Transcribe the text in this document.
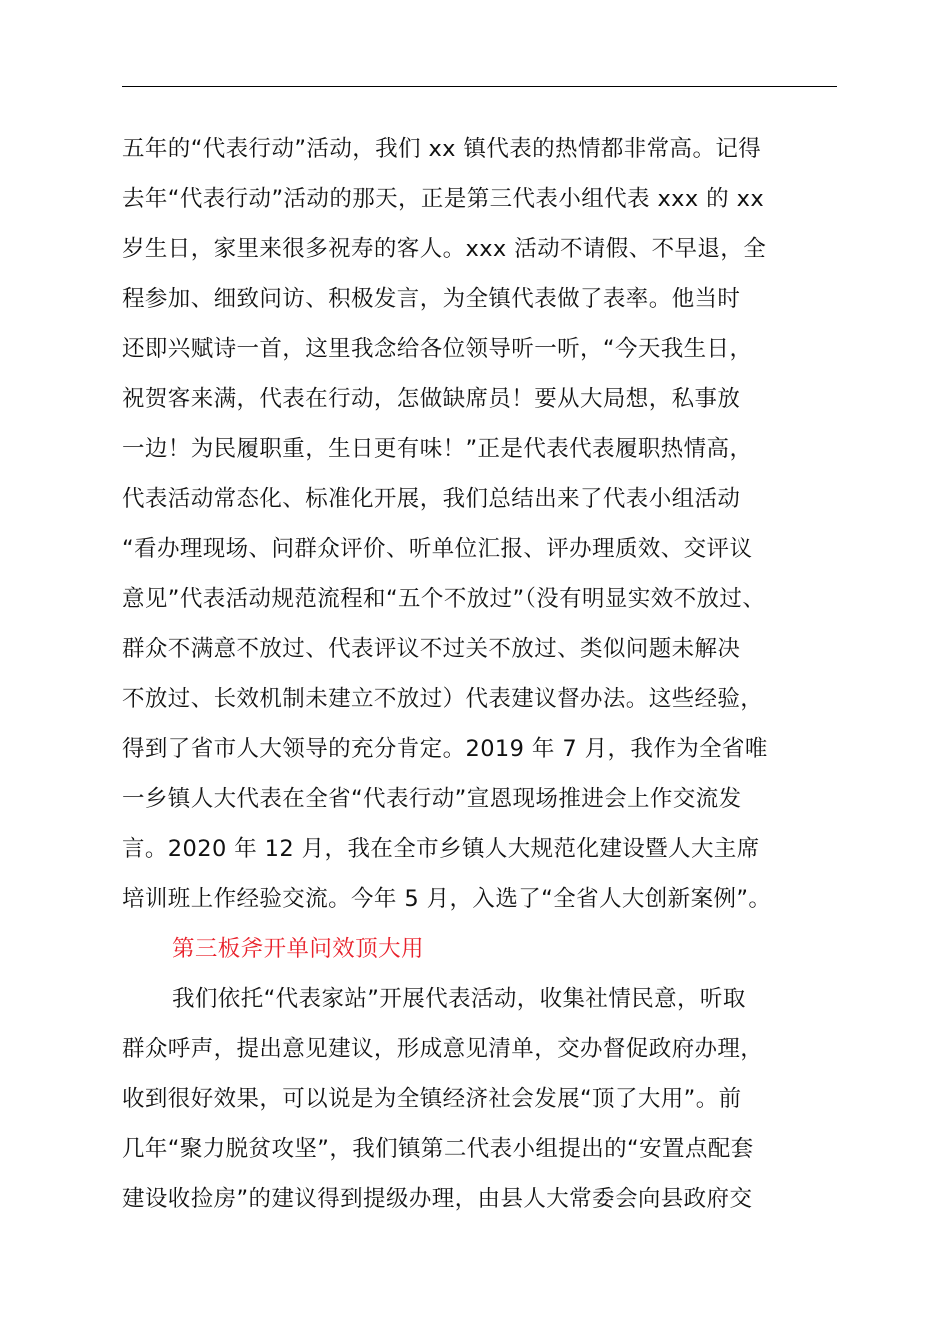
五年的“代表行动”活动，我们 xx 镇代表的热情都非常高。记得
去年“代表行动”活动的那天，正是第三代表小组代表 xxx 的 xx
岁生日，家里来很多祝寿的客人。xxx 活动不请假、不早退，全
程参加、细致问访、积极发言，为全镇代表做了表率。他当时
还即兴赋诗一首，这里我念给各位领导听一听，“今天我生日，
祝贺客来满，代表在行动，怎做缺席员！要从大局想，私事放
一边！为民履职重，生日更有味！”正是代表代表履职热情高，
代表活动常态化、标准化开展，我们总结出来了代表小组活动
“看办理现场、问群众评价、听单位汇报、评办理质效、交评议
意见”代表活动规范流程和“五个不放过”（没有明显实效不放过、
群众不满意不放过、代表评议不过关不放过、类似问题未解决
不放过、长效机制未建立不放过）代表建议督办法。这些经验，
得到了省市人大领导的充分肯定。2019 年 7 月，我作为全省唯
一乡镇人大代表在全省“代表行动”宣恩现场推进会上作交流发
言。2020 年 12 月，我在全市乡镇人大规范化建设暨人大主席
培训班上作经验交流。今年 5 月，入选了“全省人大创新案例”。
第三板斧开单问效顶大用
我们依托“代表家站”开展代表活动，收集社情民意，听取
群众呼声，提出意见建议，形成意见清单，交办督促政府办理，
收到很好效果，可以说是为全镇经济社会发展“顶了大用”。前
几年“聚力脱贫攻坚”，我们镇第二代表小组提出的“安置点配套
建设收捡房”的建议得到提级办理，由县人大常委会向县政府交
